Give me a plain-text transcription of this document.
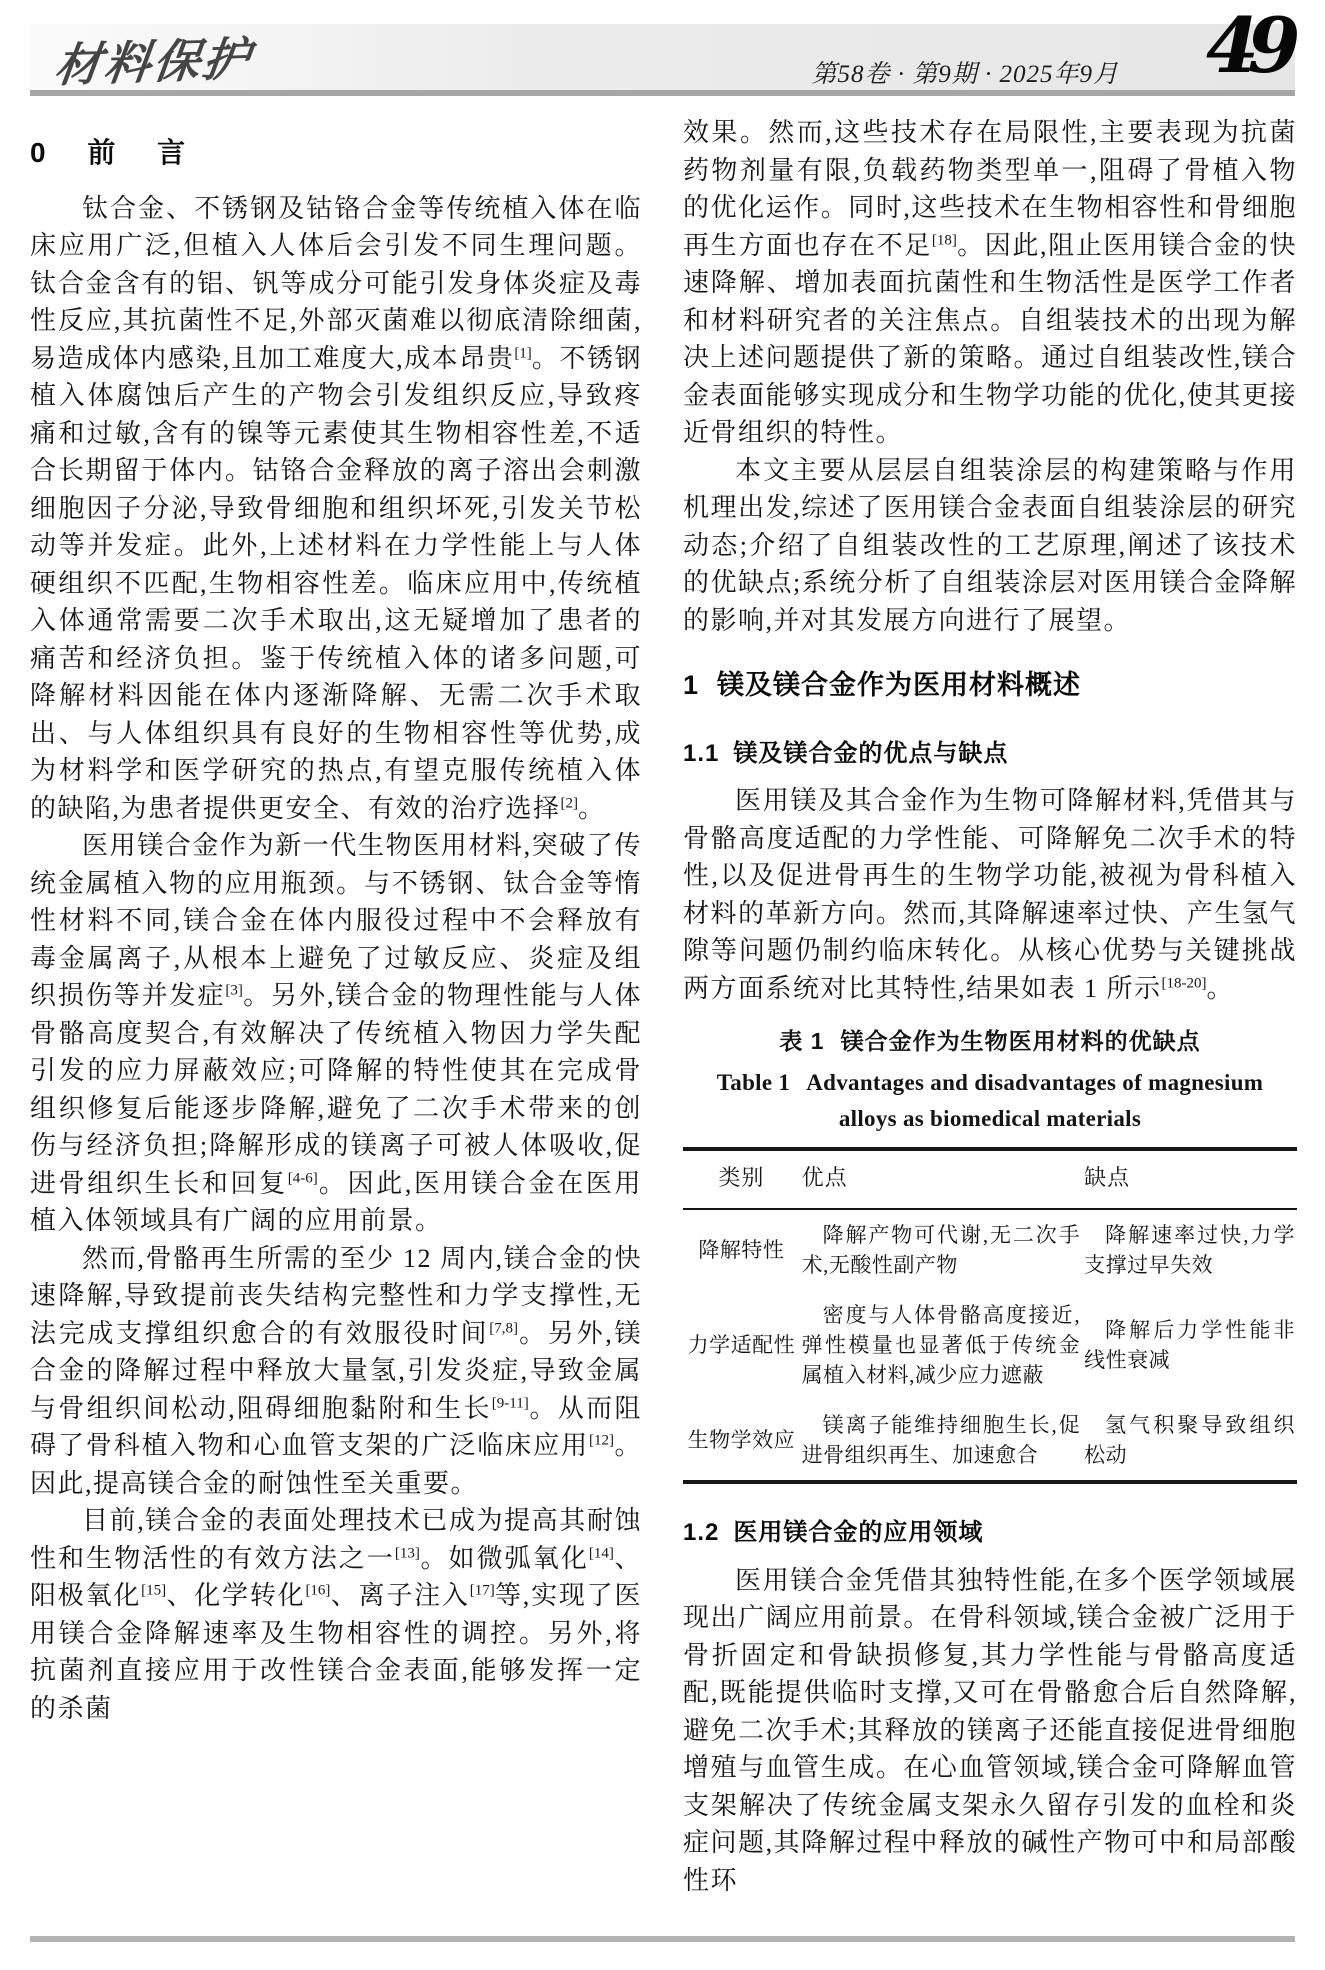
材料保护	第58卷 · 第9期 · 2025年9月 49
0 前 言

钛合金、不锈钢及钴铬合金等传统植入体在临床应用广泛,但植入人体后会引发不同生理问题。钛合金含有的铝、钒等成分可能引发身体炎症及毒性反应,其抗菌性不足,外部灭菌难以彻底清除细菌,易造成体内感染,且加工难度大,成本昂贵[1]。不锈钢植入体腐蚀后产生的产物会引发组织反应,导致疼痛和过敏,含有的镍等元素使其生物相容性差,不适合长期留于体内。钴铬合金释放的离子溶出会刺激细胞因子分泌,导致骨细胞和组织坏死,引发关节松动等并发症。此外,上述材料在力学性能上与人体硬组织不匹配,生物相容性差。临床应用中,传统植入体通常需要二次手术取出,这无疑增加了患者的痛苦和经济负担。鉴于传统植入体的诸多问题,可降解材料因能在体内逐渐降解、无需二次手术取出、与人体组织具有良好的生物相容性等优势,成为材料学和医学研究的热点,有望克服传统植入体的缺陷,为患者提供更安全、有效的治疗选择[2]。

医用镁合金作为新一代生物医用材料,突破了传统金属植入物的应用瓶颈。与不锈钢、钛合金等惰性材料不同,镁合金在体内服役过程中不会释放有毒金属离子,从根本上避免了过敏反应、炎症及组织损伤等并发症[3]。另外,镁合金的物理性能与人体骨骼高度契合,有效解决了传统植入物因力学失配引发的应力屏蔽效应;可降解的特性使其在完成骨组织修复后能逐步降解,避免了二次手术带来的创伤与经济负担;降解形成的镁离子可被人体吸收,促进骨组织生长和回复[4-6]。因此,医用镁合金在医用植入体领域具有广阔的应用前景。

然而,骨骼再生所需的至少 12 周内,镁合金的快速降解,导致提前丧失结构完整性和力学支撑性,无法完成支撑组织愈合的有效服役时间[7,8]。另外,镁合金的降解过程中释放大量氢,引发炎症,导致金属与骨组织间松动,阻碍细胞黏附和生长[9-11]。从而阻碍了骨科植入物和心血管支架的广泛临床应用[12]。因此,提高镁合金的耐蚀性至关重要。

目前,镁合金的表面处理技术已成为提高其耐蚀性和生物活性的有效方法之一[13]。如微弧氧化[14]、阳极氧化[15]、化学转化[16]、离子注入[17]等,实现了医用镁合金降解速率及生物相容性的调控。另外,将抗菌剂直接应用于改性镁合金表面,能够发挥一定的杀菌

效果。然而,这些技术存在局限性,主要表现为抗菌药物剂量有限,负载药物类型单一,阻碍了骨植入物的优化运作。同时,这些技术在生物相容性和骨细胞再生方面也存在不足[18]。因此,阻止医用镁合金的快速降解、增加表面抗菌性和生物活性是医学工作者和材料研究者的关注焦点。自组装技术的出现为解决上述问题提供了新的策略。通过自组装改性,镁合金表面能够实现成分和生物学功能的优化,使其更接近骨组织的特性。

本文主要从层层自组装涂层的构建策略与作用机理出发,综述了医用镁合金表面自组装涂层的研究动态;介绍了自组装改性的工艺原理,阐述了该技术的优缺点;系统分析了自组装涂层对医用镁合金降解的影响,并对其发展方向进行了展望。

1 镁及镁合金作为医用材料概述
1.1 镁及镁合金的优点与缺点

医用镁及其合金作为生物可降解材料,凭借其与骨骼高度适配的力学性能、可降解免二次手术的特性,以及促进骨再生的生物学功能,被视为骨科植入材料的革新方向。然而,其降解速率过快、产生氢气隙等问题仍制约临床转化。从核心优势与关键挑战两方面系统对比其特性,结果如表 1 所示[18-20]。

表 1 镁合金作为生物医用材料的优缺点
Table 1 Advantages and disadvantages of magnesium
alloys as biomedical materials
类别	优点	缺点
降解特性	降解产物可代谢,无二次手术,无酸性副产物	降解速率过快,力学支撑过早失效
力学适配性	密度与人体骨骼高度接近,弹性模量也显著低于传统金属植入材料,减少应力遮蔽	降解后力学性能非线性衰减
生物学效应	镁离子能维持细胞生长,促进骨组织再生、加速愈合	氢气积聚导致组织松动
1.2 医用镁合金的应用领域

医用镁合金凭借其独特性能,在多个医学领域展现出广阔应用前景。在骨科领域,镁合金被广泛用于骨折固定和骨缺损修复,其力学性能与骨骼高度适配,既能提供临时支撑,又可在骨骼愈合后自然降解,避免二次手术;其释放的镁离子还能直接促进骨细胞增殖与血管生成。在心血管领域,镁合金可降解血管支架解决了传统金属支架永久留存引发的血栓和炎症问题,其降解过程中释放的碱性产物可中和局部酸性环
